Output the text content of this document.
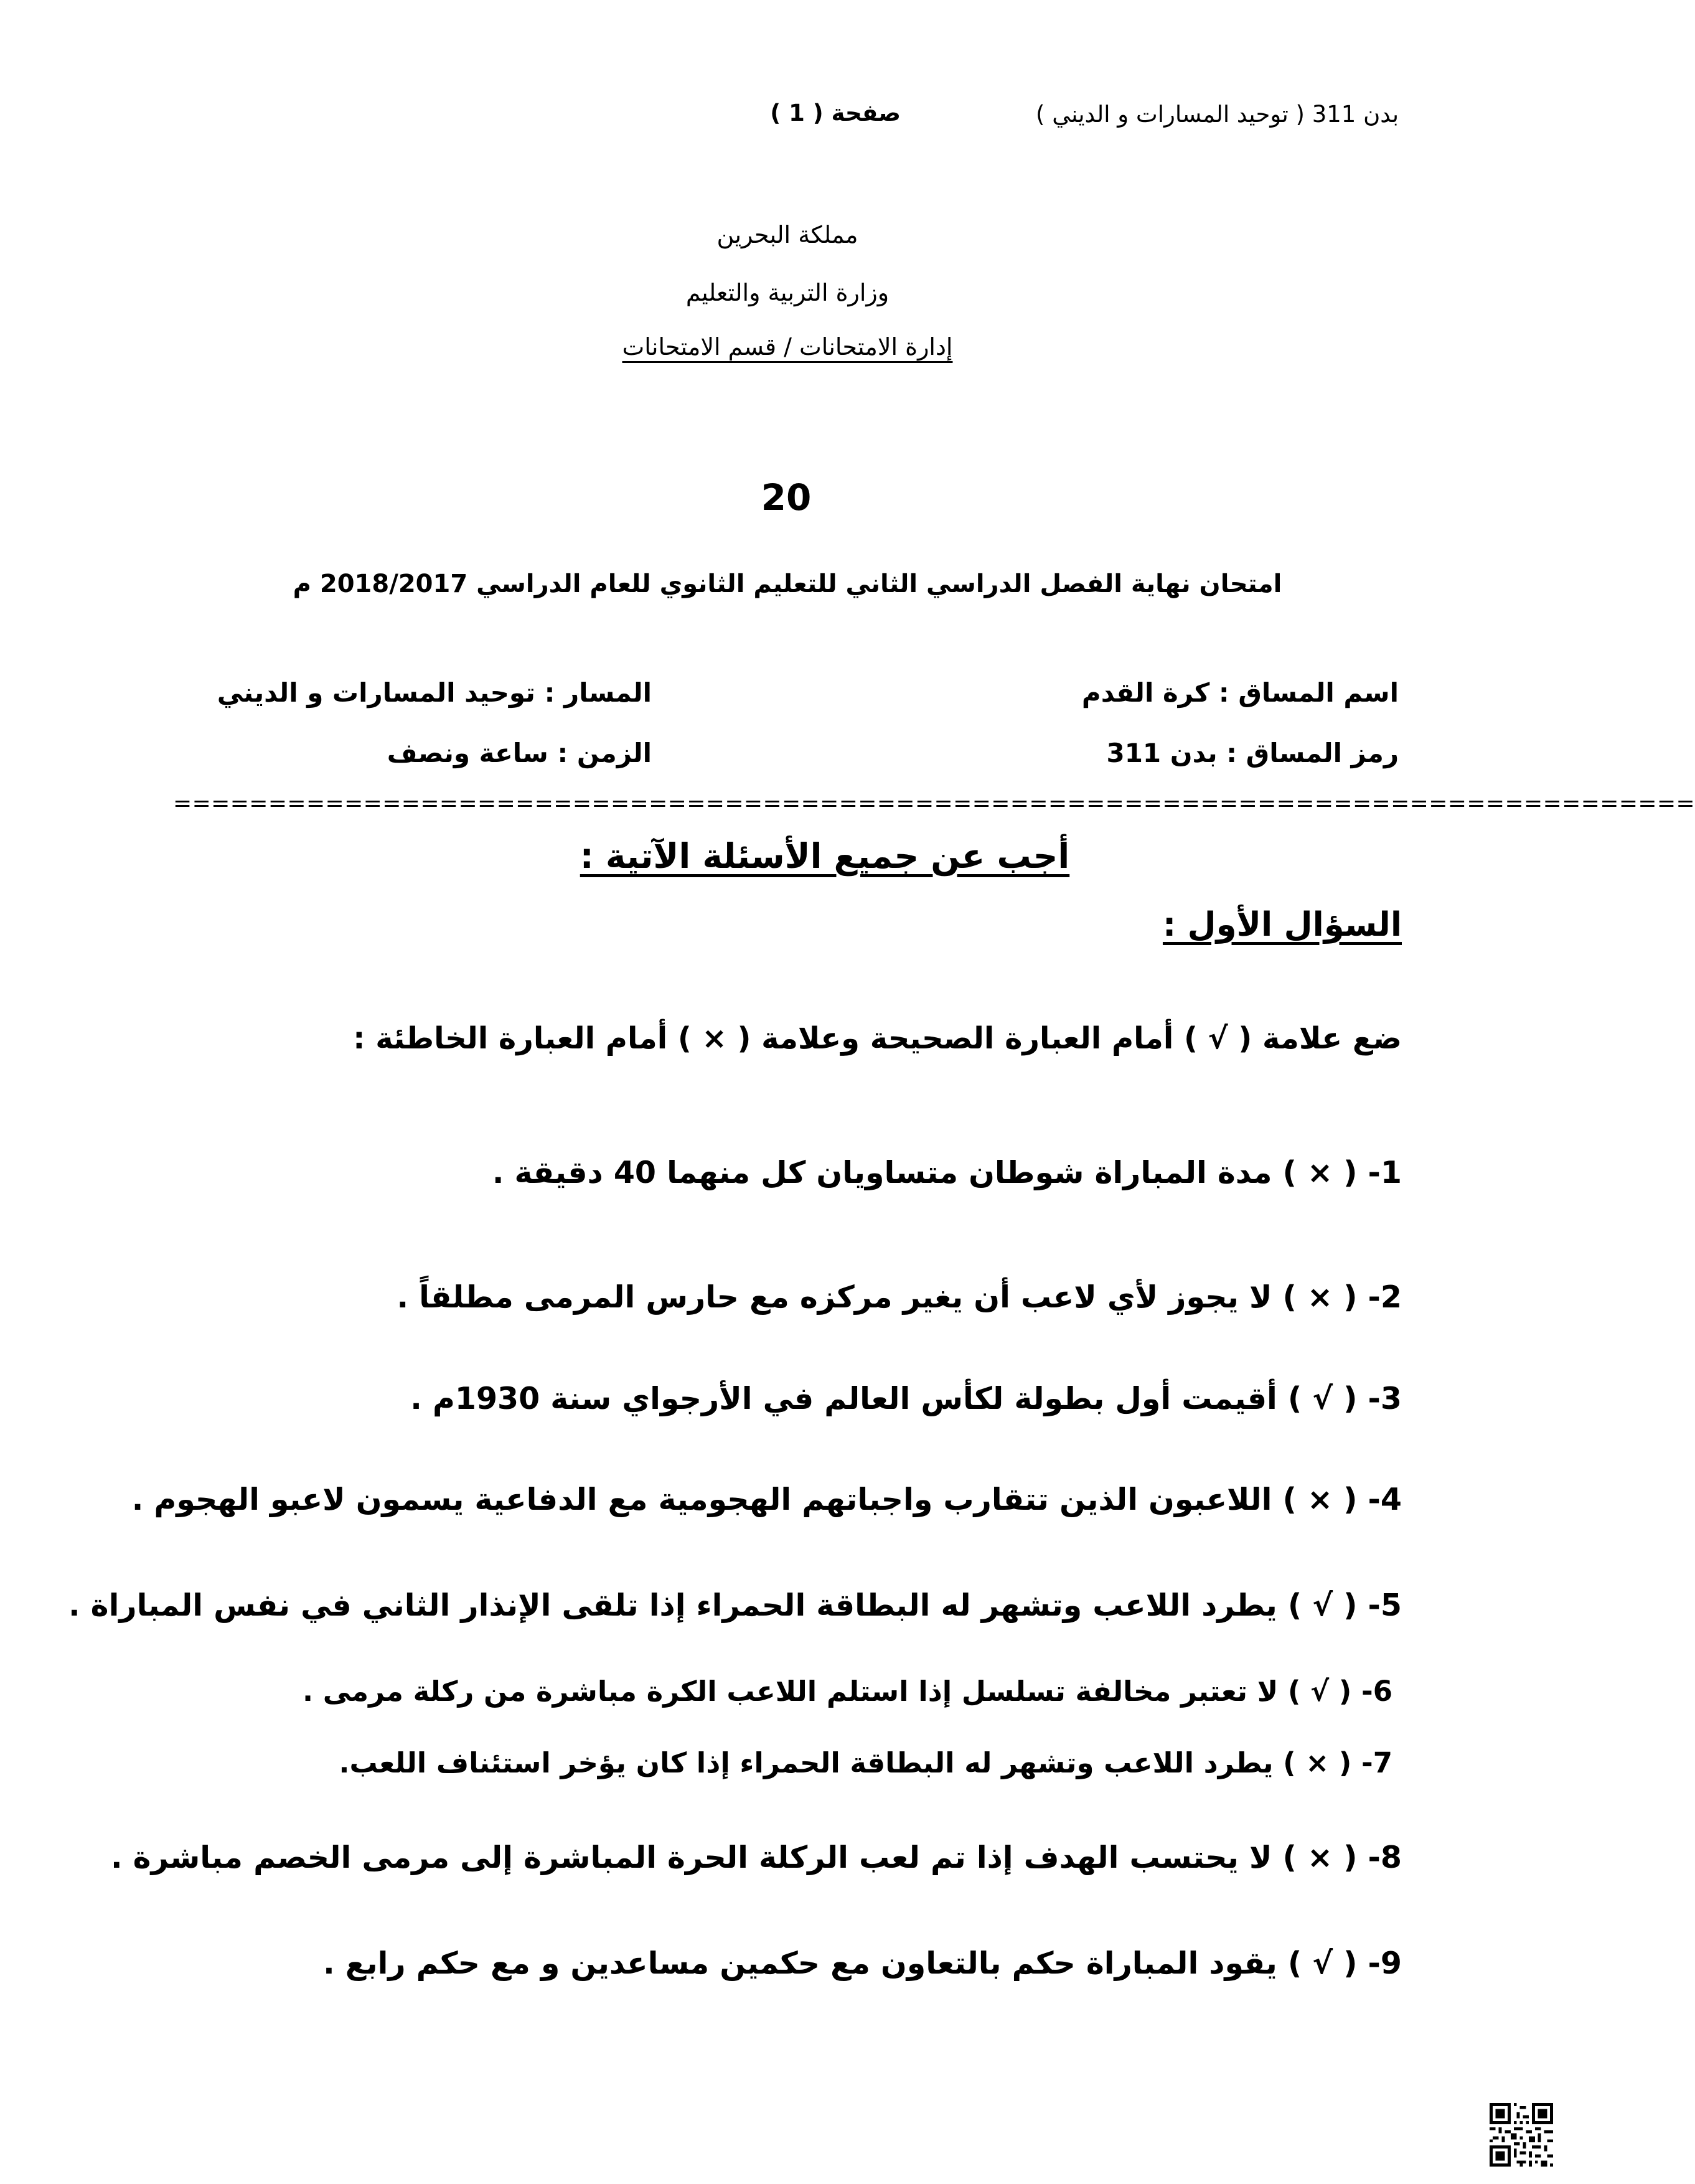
بدن 311 ( توحيد المسارات و الديني )
صفحة ( 1 )
مملكة البحرين
وزارة التربية والتعليم
إدارة الامتحانات / قسم الامتحانات
20
امتحان نهاية الفصل الدراسي الثاني للتعليم الثانوي للعام الدراسي 2018/2017 م
اسم المساق : كرة القدم
المسار : توحيد المسارات و الديني
رمز المساق : بدن 311
الزمن : ساعة ونصف
================================================================================
أجب عن جميع الأسئلة الآتية :
السؤال الأول :
ضع علامة ( √ ) أمام العبارة الصحيحة وعلامة ( × ) أمام العبارة الخاطئة :
1- ( × ) مدة المباراة شوطان متساويان كل منهما 40 دقيقة .
2- ( × ) لا يجوز لأي لاعب أن يغير مركزه مع حارس المرمى مطلقاً .
3- ( √ ) أقيمت أول بطولة لكأس العالم في الأرجواي سنة 1930م .
4- ( × ) اللاعبون الذين تتقارب واجباتهم الهجومية مع الدفاعية يسمون لاعبو الهجوم .
5- ( √ ) يطرد اللاعب وتشهر له البطاقة الحمراء إذا تلقى الإنذار الثاني في نفس المباراة .
6- ( √ ) لا تعتبر مخالفة تسلسل إذا استلم اللاعب الكرة مباشرة من ركلة مرمى .
7- ( × ) يطرد اللاعب وتشهر له البطاقة الحمراء إذا كان يؤخر استئناف اللعب.
8- ( × ) لا يحتسب الهدف إذا تم لعب الركلة الحرة المباشرة إلى مرمى الخصم مباشرة .
9- ( √ ) يقود المباراة حكم بالتعاون مع حكمين مساعدين و مع حكم رابع .
